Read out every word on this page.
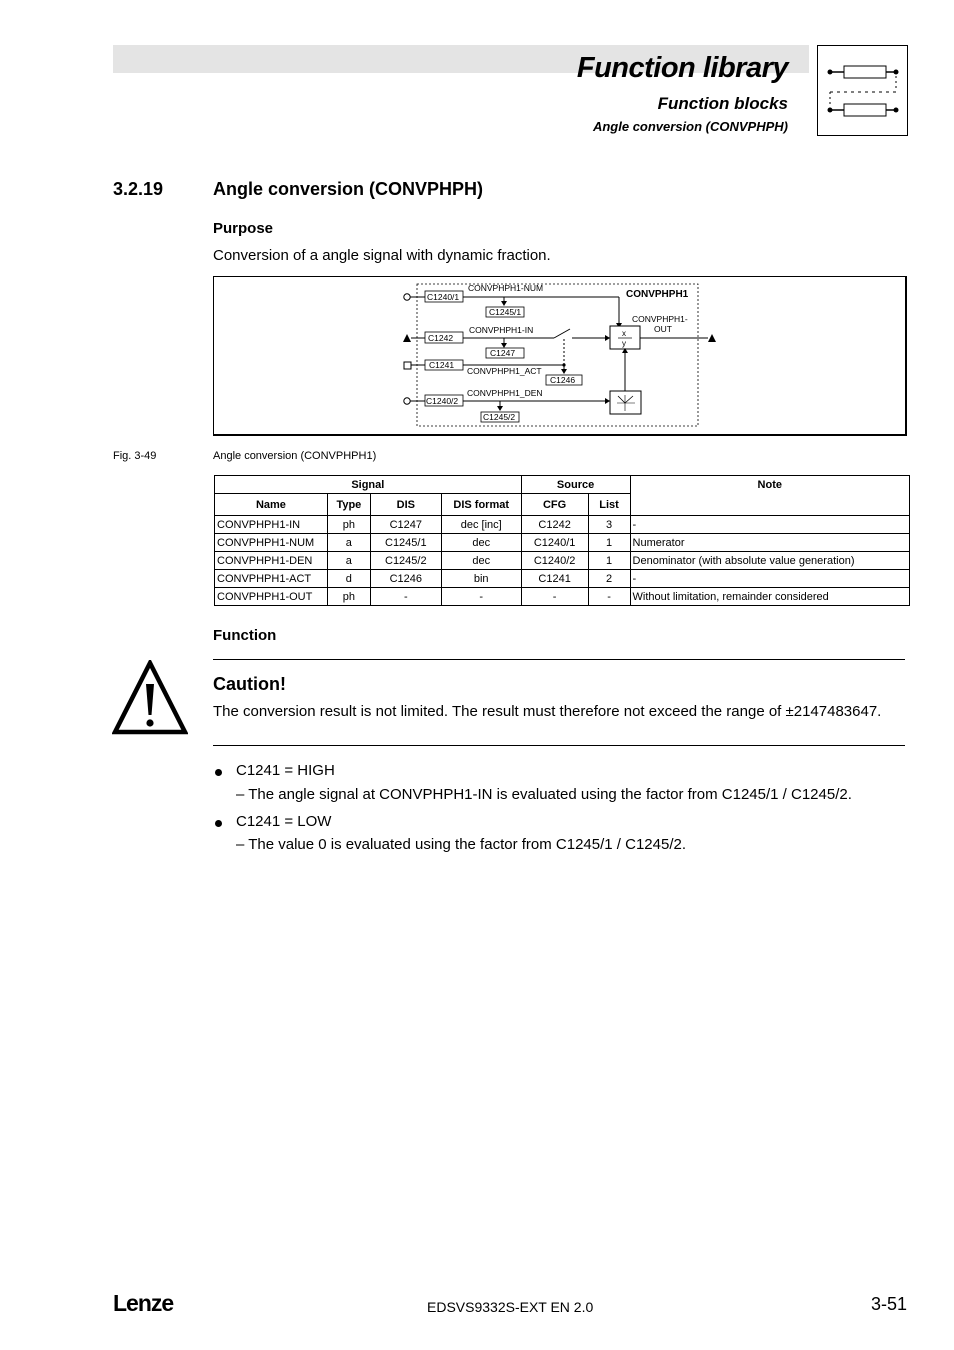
Function library
Function blocks
Angle conversion (CONVPHPH)
3.2.19	Angle conversion (CONVPHPH)
Purpose
Conversion of a angle signal with dynamic fraction.
CONVPHPH1
C1240/1
CONVPHPH1-NUM
C1245/1
C1242
CONVPHPH1-IN
C1247
x
y
CONVPHPH1-
OUT
C1241
CONVPHPH1_ACT
C1246
C1240/2
CONVPHPH1_DEN
C1245/2
Fig. 3-49	Angle conversion (CONVPHPH1)
Signal				Source		Note
Name	Type	DIS	DIS format	CFG	List	
CONVPHPH1-IN	ph	C1247	dec [inc]	C1242	3	-
CONVPHPH1-NUM	a	C1245/1	dec	C1240/1	1	Numerator
CONVPHPH1-DEN	a	C1245/2	dec	C1240/2	1	Denominator (with absolute value generation)
CONVPHPH1-ACT	d	C1246	bin	C1241	2	-
CONVPHPH1-OUT	ph	-	-	-	-	Without limitation, remainder considered
Function
Caution!
The conversion result is not limited. The result must therefore not exceed the range of ±2147483647.
C1241 = HIGH
– The angle signal at CONVPHPH1-IN is evaluated using the factor from C1245/1 / C1245/2.
C1241 = LOW
– The value 0 is evaluated using the factor from C1245/1 / C1245/2.
Lenze	EDSVS9332S-EXT EN 2.0	3-51
